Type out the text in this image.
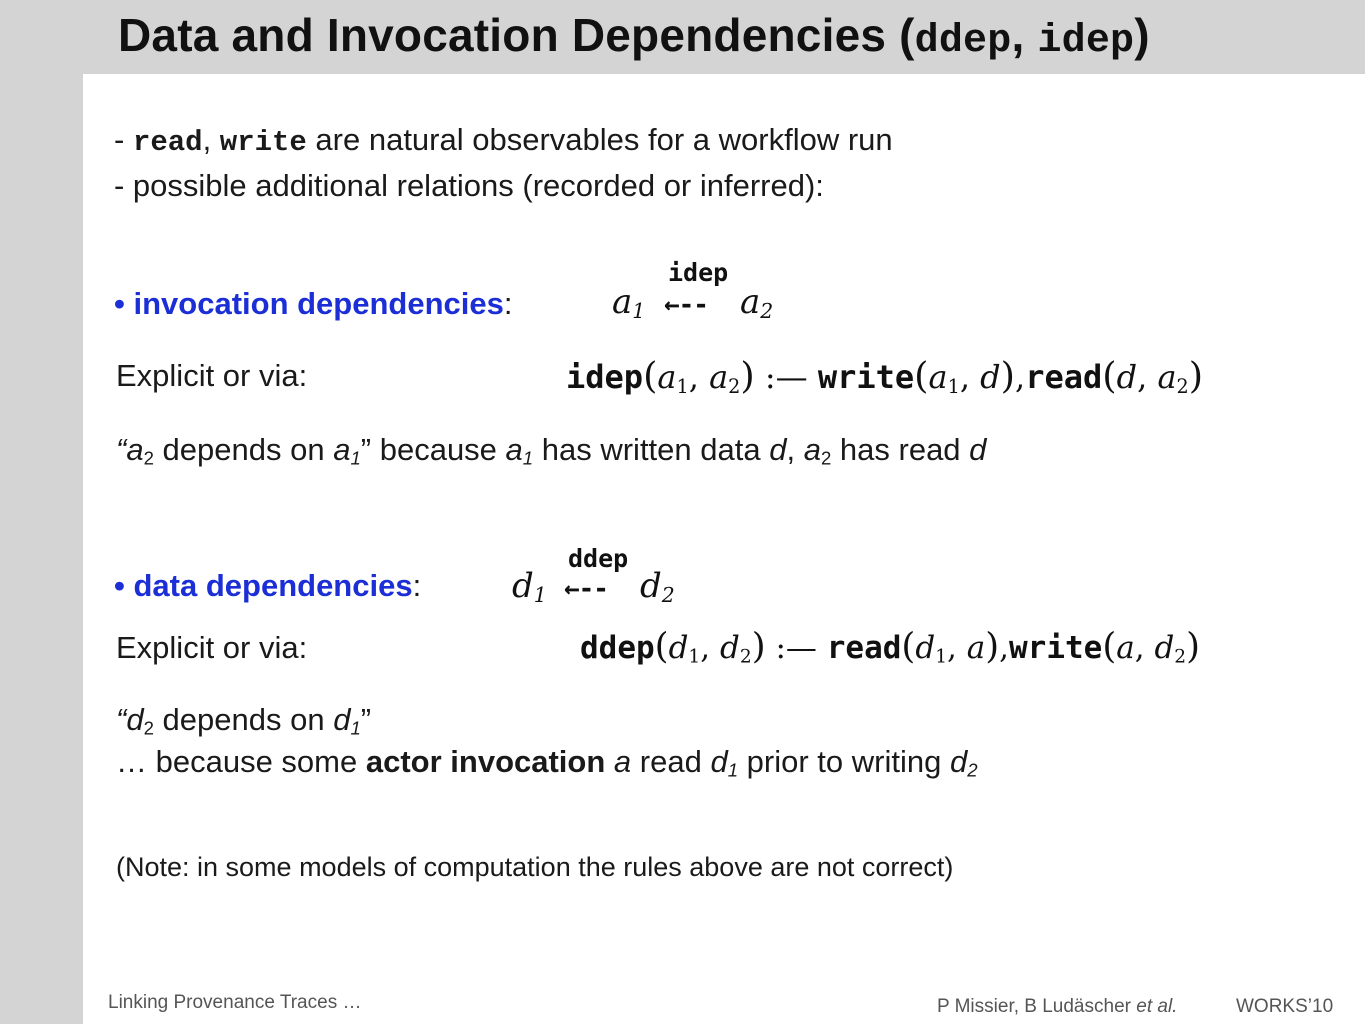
Data and Invocation Dependencies (ddep, idep)
- read, write are natural observables for a workflow run
- possible additional relations (recorded or inferred):
• invocation dependencies:
idep
$a_1$ ←-- $a_2$
Explicit or via:	$idep(a_1$, $a_2$) :— $write(a_1$, d),read(d, $a_2$)
“$a_2$ depends on $a_1$” because $a_1$ has written data d, $a_2$ has read d
• data dependencies:
ddep
$d_1$ ←-- $d_2$
Explicit or via:	$ddep(d_1$, $d_2$) :— $read(d_1$, a),write(a, $d_2$)
“$d_2$ depends on $d_1$”
… because some actor invocation a read $d_1$ prior to writing $d_2$
(Note: in some models of computation the rules above are not correct)
Linking Provenance Traces …	P Missier, B Ludäscher et al.	WORKS’10
